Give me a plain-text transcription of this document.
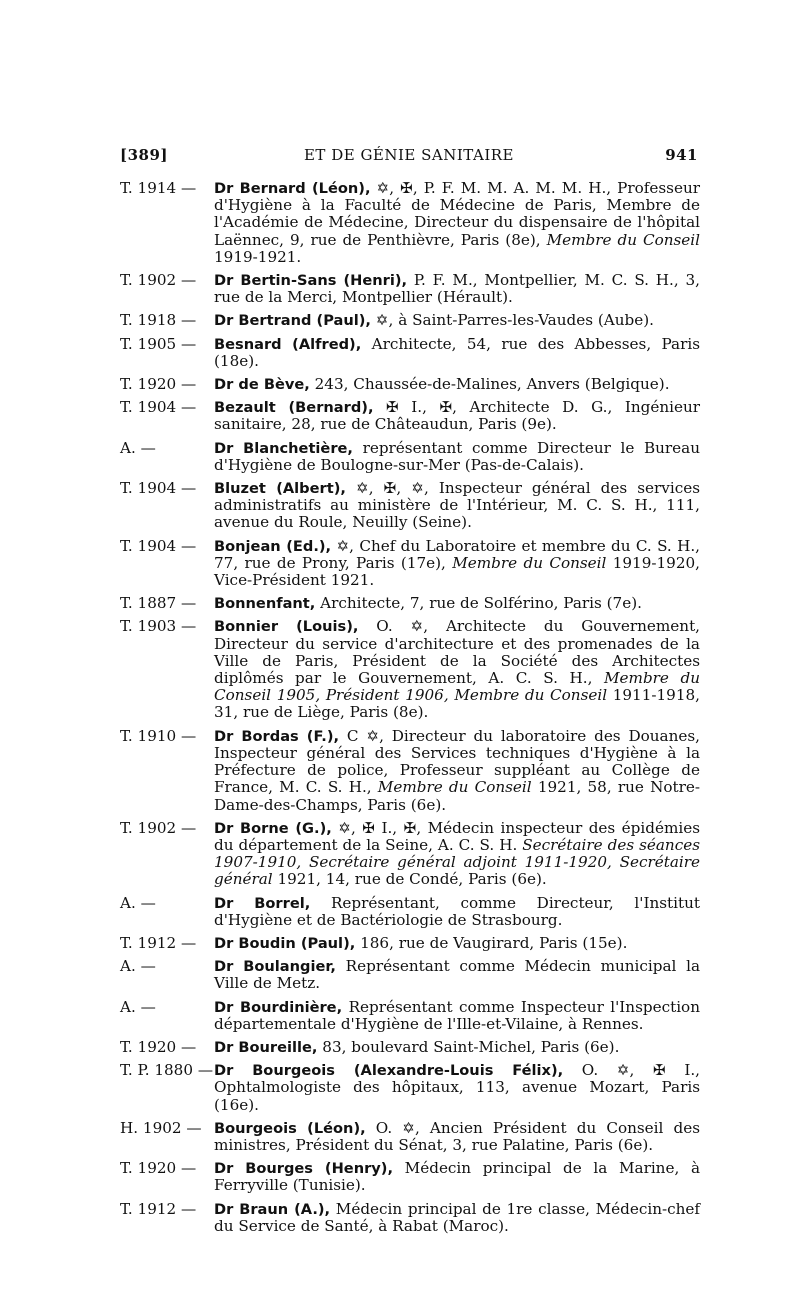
[389]	ET DE GÉNIE SANITAIRE	941
T. 1914 —	Dr Bernard (Léon), ✡, ✠, P. F. M. M. A. M. M. H., Professeur d'Hygiène à la Faculté de Médecine de Paris, Membre de l'Académie de Médecine, Directeur du dispensaire de l'hôpital Laënnec, 9, rue de Penthièvre, Paris (8e), Membre du Conseil 1919-1921.
T. 1902 —	Dr Bertin-Sans (Henri), P. F. M., Montpellier, M. C. S. H., 3, rue de la Merci, Montpellier (Hérault).
T. 1918 —	Dr Bertrand (Paul), ✡, à Saint-Parres-les-Vaudes (Aube).
T. 1905 —	Besnard (Alfred), Architecte, 54, rue des Abbesses, Paris (18e).
T. 1920 —	Dr de Bève, 243, Chaussée-de-Malines, Anvers (Belgique).
T. 1904 —	Bezault (Bernard), ✠ I., ✠, Architecte D. G., Ingénieur sanitaire, 28, rue de Châteaudun, Paris (9e).
A. —	Dr Blanchetière, représentant comme Directeur le Bureau d'Hygiène de Boulogne-sur-Mer (Pas-de-Calais).
T. 1904 —	Bluzet (Albert), ✡, ✠, ✡, Inspecteur général des services administratifs au ministère de l'Intérieur, M. C. S. H., 111, avenue du Roule, Neuilly (Seine).
T. 1904 —	Bonjean (Ed.), ✡, Chef du Laboratoire et membre du C. S. H., 77, rue de Prony, Paris (17e), Membre du Conseil 1919-1920, Vice-Président 1921.
T. 1887 —	Bonnenfant, Architecte, 7, rue de Solférino, Paris (7e).
T. 1903 —	Bonnier (Louis), O. ✡, Architecte du Gouvernement, Directeur du service d'architecture et des promenades de la Ville de Paris, Président de la Société des Architectes diplômés par le Gouvernement, A. C. S. H., Membre du Conseil 1905, Président 1906, Membre du Conseil 1911-1918, 31, rue de Liège, Paris (8e).
T. 1910 —	Dr Bordas (F.), C ✡, Directeur du laboratoire des Douanes, Inspecteur général des Services techniques d'Hygiène à la Préfecture de police, Professeur suppléant au Collège de France, M. C. S. H., Membre du Conseil 1921, 58, rue Notre-Dame-des-Champs, Paris (6e).
T. 1902 —	Dr Borne (G.), ✡, ✠ I., ✠, Médecin inspecteur des épidémies du département de la Seine, A. C. S. H. Secrétaire des séances 1907-1910, Secrétaire général adjoint 1911-1920, Secrétaire général 1921, 14, rue de Condé, Paris (6e).
A. —	Dr Borrel, Représentant, comme Directeur, l'Institut d'Hygiène et de Bactériologie de Strasbourg.
T. 1912 —	Dr Boudin (Paul), 186, rue de Vaugirard, Paris (15e).
A. —	Dr Boulangier, Représentant comme Médecin municipal la Ville de Metz.
A. —	Dr Bourdinière, Représentant comme Inspecteur l'Inspection départementale d'Hygiène de l'Ille-et-Vilaine, à Rennes.
T. 1920 —	Dr Boureille, 83, boulevard Saint-Michel, Paris (6e).
T. P. 1880 — Dr Bourgeois (Alexandre-Louis Félix), O. ✡, ✠ I., Ophtalmologiste des hôpitaux, 113, avenue Mozart, Paris (16e).
H. 1902 — Bourgeois (Léon), O. ✡, Ancien Président du Conseil des ministres, Président du Sénat, 3, rue Palatine, Paris (6e).
T. 1920 —	Dr Bourges (Henry), Médecin principal de la Marine, à Ferryville (Tunisie).
T. 1912 —	Dr Braun (A.), Médecin principal de 1re classe, Médecin-chef du Service de Santé, à Rabat (Maroc).
